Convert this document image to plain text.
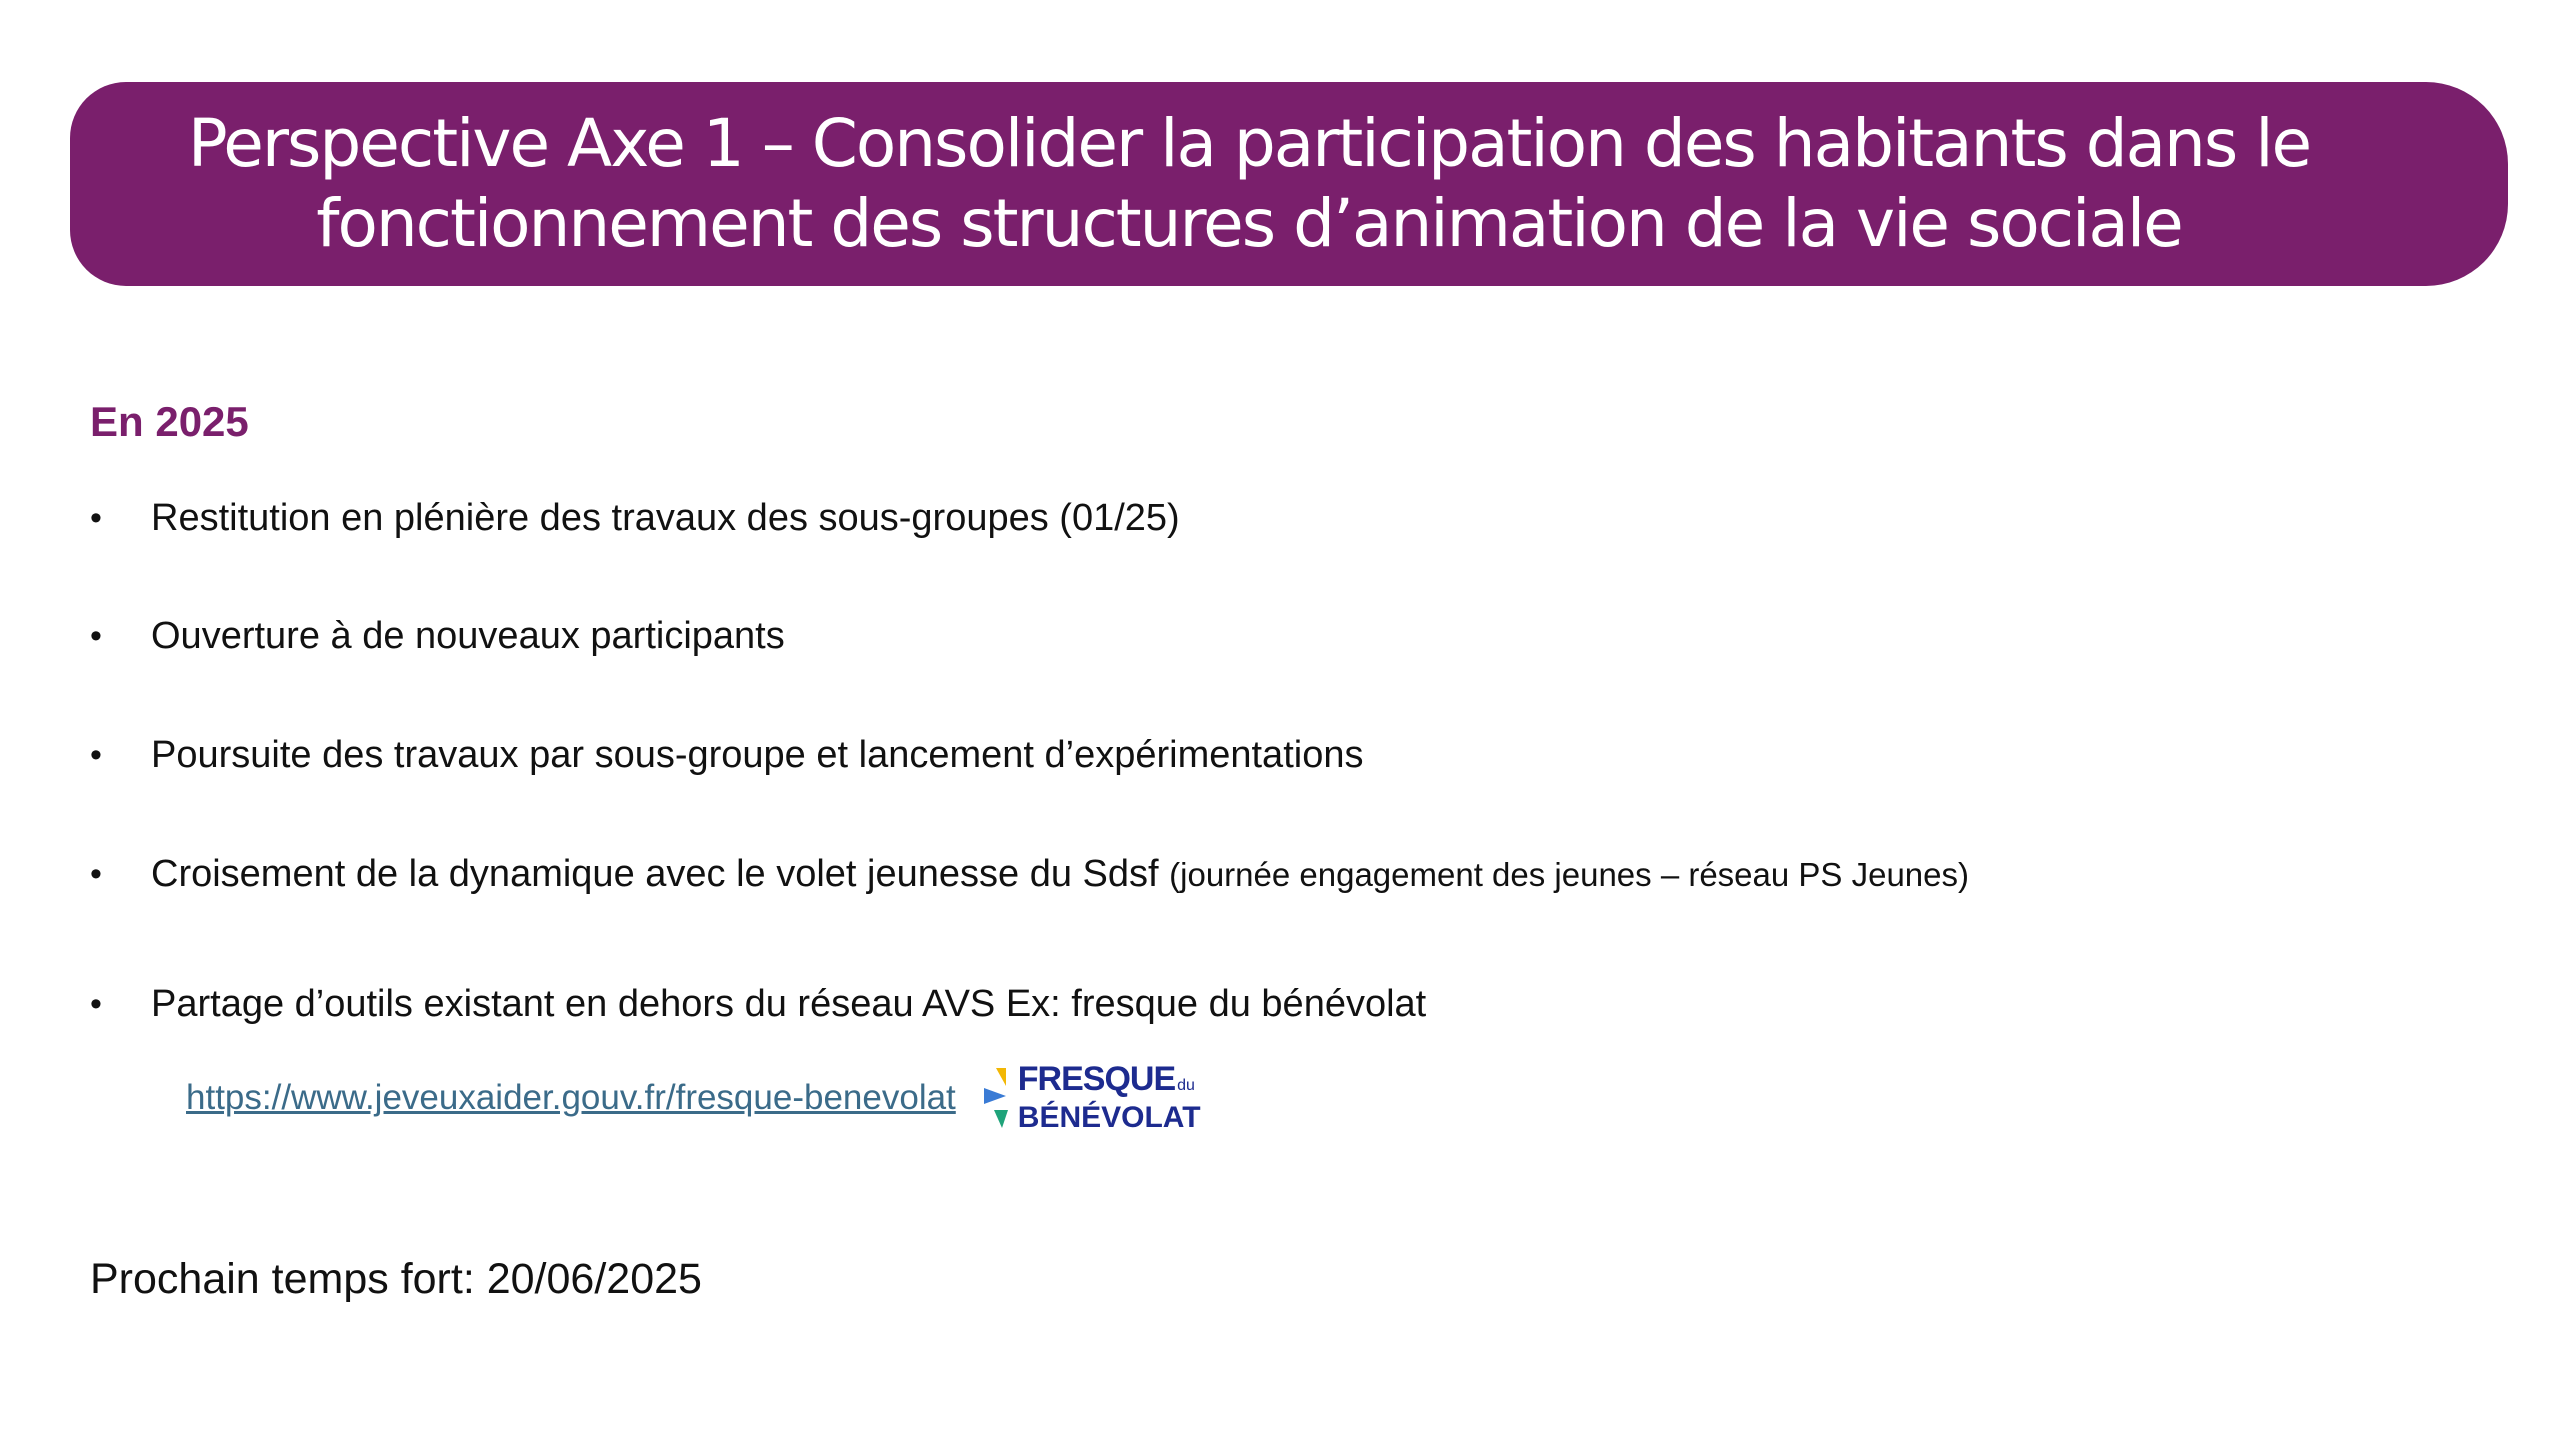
Perspective Axe 1 – Consolider la participation des habitants dans le
fonctionnement des structures d’animation de la vie sociale
En 2025
• Restitution en plénière des travaux des sous-groupes (01/25)
• Ouverture à de nouveaux participants
• Poursuite des travaux par sous-groupe et lancement d’expérimentations
• Croisement de la dynamique avec le volet jeunesse du Sdsf (journée engagement des jeunes – réseau PS Jeunes)
• Partage d’outils existant en dehors du réseau AVS Ex: fresque du bénévolat
https://www.jeveuxaider.gouv.fr/fresque-benevolat FRESQUE du
BÉNÉVOLAT
Prochain temps fort: 20/06/2025
